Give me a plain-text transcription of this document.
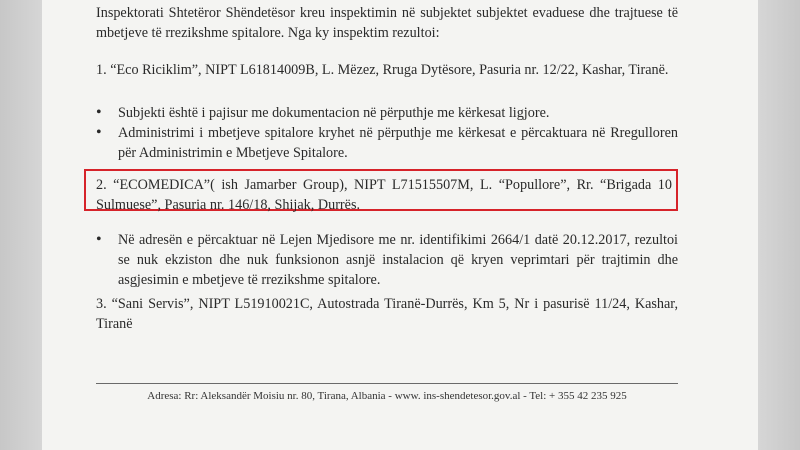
Inspektorati Shtetëror Shëndetësor kreu inspektimin në subjektet subjektet evaduese dhe trajtuese të mbetjeve të rrezikshme spitalore. Nga ky inspektim rezultoi:
1. “Eco Riciklim”, NIPT L61814009B, L. Mëzez, Rruga Dytësore, Pasuria nr. 12/22, Kashar, Tiranë.
• Subjekti është i pajisur me dokumentacion në përputhje me kërkesat ligjore.
• Administrimi i mbetjeve spitalore kryhet në përputhje me kërkesat e përcaktuara në Rregulloren për Administrimin e Mbetjeve Spitalore.
2. “ECOMEDICA”( ish Jamarber Group), NIPT L71515507M, L. “Popullore”, Rr. “Brigada 10 Sulmuese”, Pasuria nr. 146/18, Shijak, Durrës.
• Në adresën e përcaktuar në Lejen Mjedisore me nr. identifikimi 2664/1 datë 20.12.2017, rezultoi se nuk ekziston dhe nuk funksionon asnjë instalacion që kryen veprimtari për trajtimin dhe asgjesimin e mbetjeve të rrezikshme spitalore.
3. “Sani Servis”, NIPT L51910021C, Autostrada Tiranë-Durrës, Km 5, Nr i pasurisë 11/24, Kashar, Tiranë
Adresa: Rr: Aleksandër Moisiu nr. 80, Tirana, Albania - www. ins-shendetesor.gov.al - Tel: + 355 42 235 925
